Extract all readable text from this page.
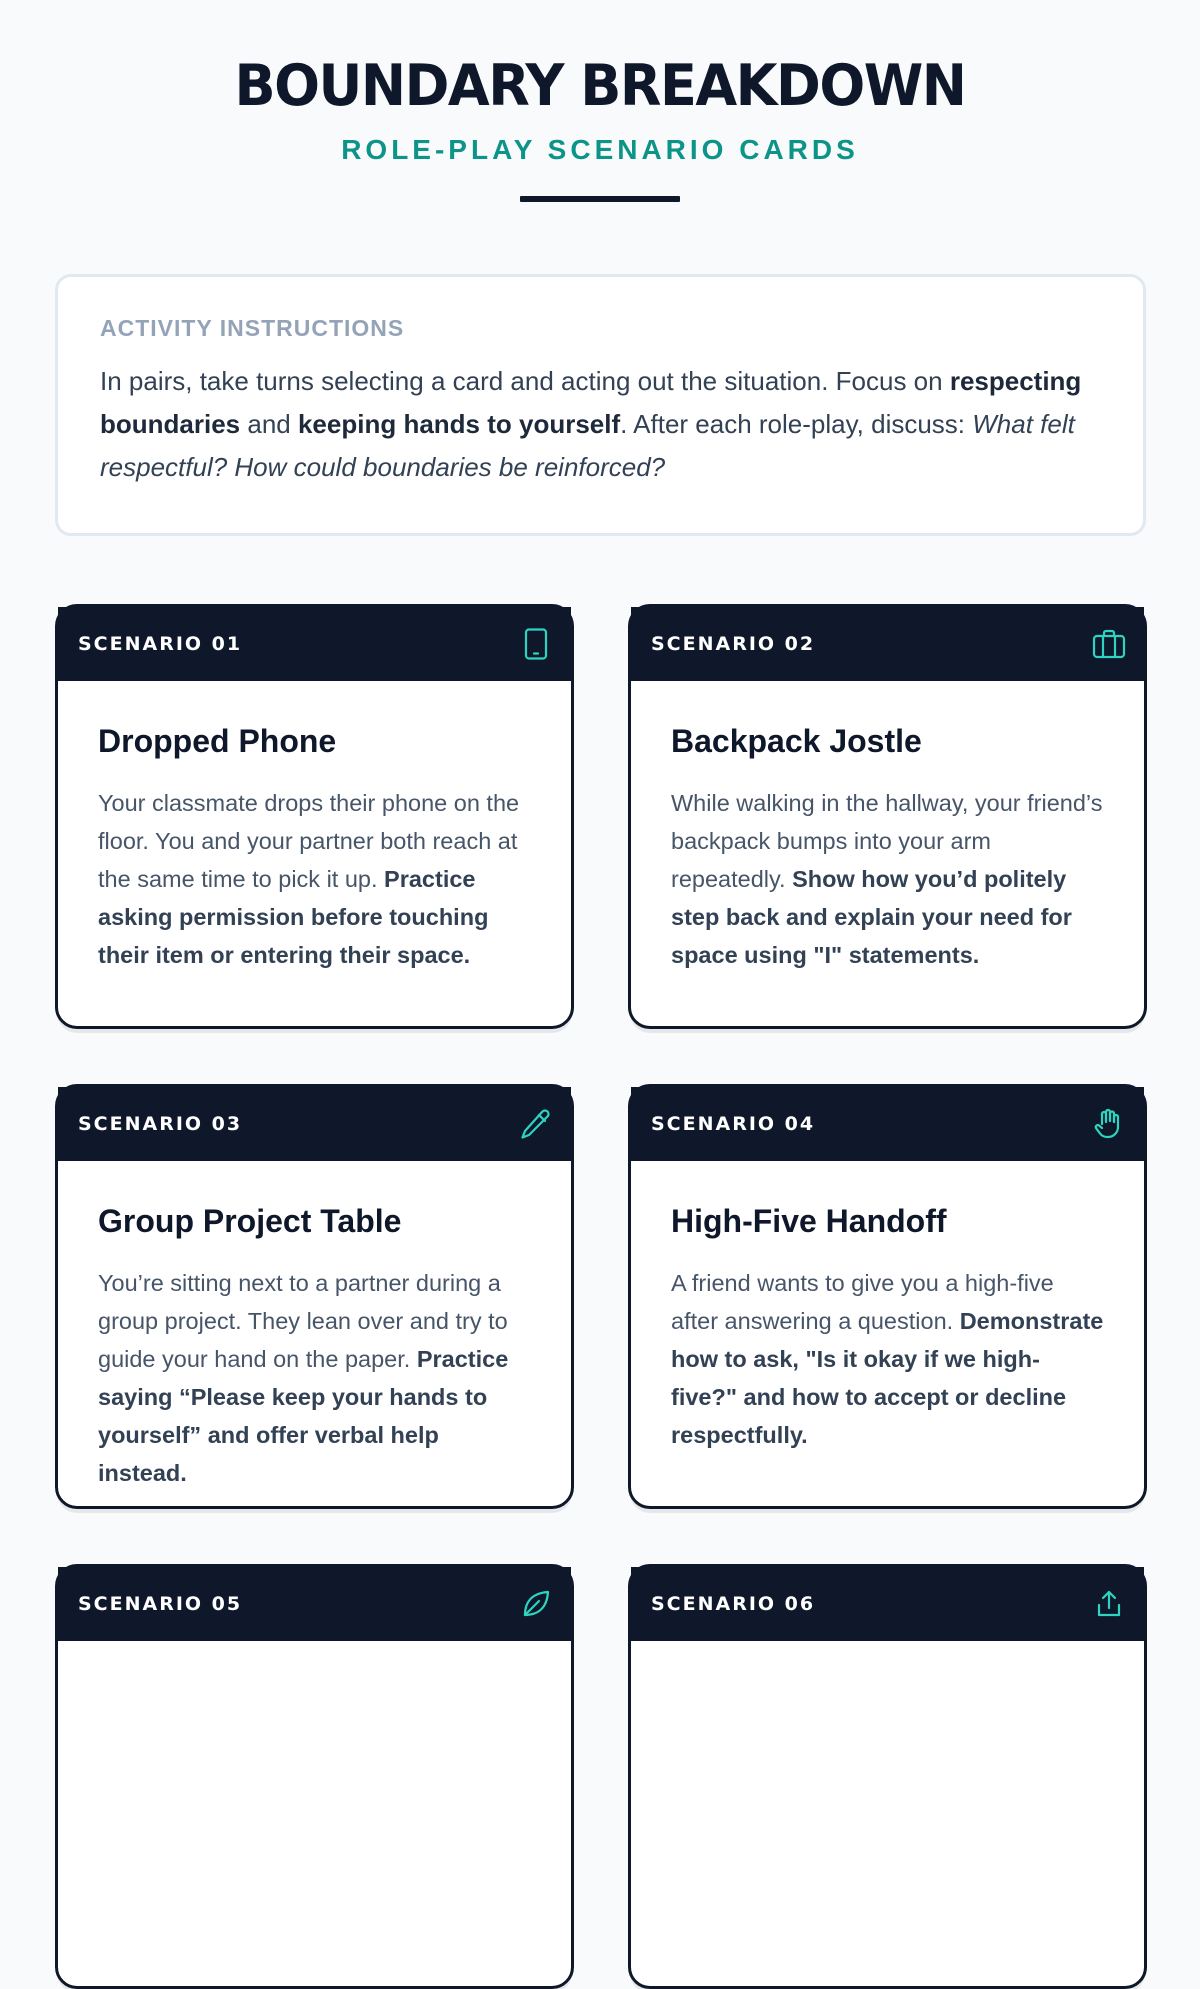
BOUNDARY BREAKDOWN
ROLE-PLAY SCENARIO CARDS
ACTIVITY INSTRUCTIONS

In pairs, take turns selecting a card and acting out the situation. Focus on respecting boundaries and keeping hands to yourself. After each role-play, discuss: What felt respectful? How could boundaries be reinforced?

SCENARIO 01
Dropped Phone

Your classmate drops their phone on the floor. You and your partner both reach at the same time to pick it up. Practice asking permission before touching their item or entering their space.

SCENARIO 02
Backpack Jostle

While walking in the hallway, your friend’s backpack bumps into your arm repeatedly. Show how you’d politely step back and explain your need for space using "I" statements.

SCENARIO 03
Group Project Table

You’re sitting next to a partner during a group project. They lean over and try to guide your hand on the paper. Practice saying “Please keep your hands to yourself” and offer verbal help instead.

SCENARIO 04
High-Five Handoff

A friend wants to give you a high-five after answering a question. Demonstrate how to ask, "Is it okay if we high-five?" and how to accept or decline respectfully.

SCENARIO 05	SCENARIO 06
